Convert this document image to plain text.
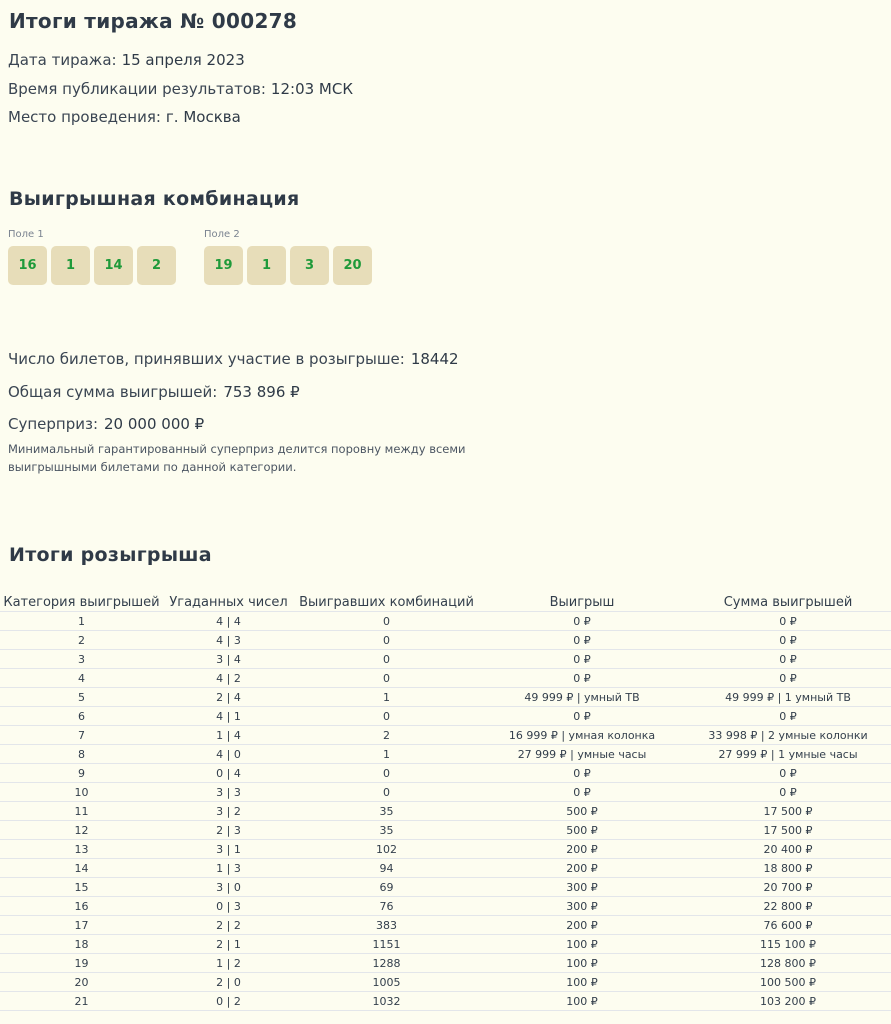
Итоги тиража № 000278
Дата тиража: 15 апреля 2023
Время публикации результатов: 12:03 МСК
Место проведения: г. Москва
Выигрышная комбинация
Поле 1
16	1	14	2
Поле 2
19	1	3	20
Число билетов, принявших участие в розыгрыше: 18442
Общая сумма выигрышей: 753 896 ₽
Суперприз: 20 000 000 ₽
Минимальный гарантированный суперприз делится поровну между всеми выигрышными билетами по данной категории.
Итоги розыгрыша
Категория выигрышей	Угаданных чисел	Выигравших комбинаций	Выигрыш	Сумма выигрышей
1	4 | 4	0	0 ₽	0 ₽
2	4 | 3	0	0 ₽	0 ₽
3	3 | 4	0	0 ₽	0 ₽
4	4 | 2	0	0 ₽	0 ₽
5	2 | 4	1	49 999 ₽ | умный ТВ	49 999 ₽ | 1 умный ТВ
6	4 | 1	0	0 ₽	0 ₽
7	1 | 4	2	16 999 ₽ | умная колонка	33 998 ₽ | 2 умные колонки
8	4 | 0	1	27 999 ₽ | умные часы	27 999 ₽ | 1 умные часы
9	0 | 4	0	0 ₽	0 ₽
10	3 | 3	0	0 ₽	0 ₽
11	3 | 2	35	500 ₽	17 500 ₽
12	2 | 3	35	500 ₽	17 500 ₽
13	3 | 1	102	200 ₽	20 400 ₽
14	1 | 3	94	200 ₽	18 800 ₽
15	3 | 0	69	300 ₽	20 700 ₽
16	0 | 3	76	300 ₽	22 800 ₽
17	2 | 2	383	200 ₽	76 600 ₽
18	2 | 1	1151	100 ₽	115 100 ₽
19	1 | 2	1288	100 ₽	128 800 ₽
20	2 | 0	1005	100 ₽	100 500 ₽
21	0 | 2	1032	100 ₽	103 200 ₽
